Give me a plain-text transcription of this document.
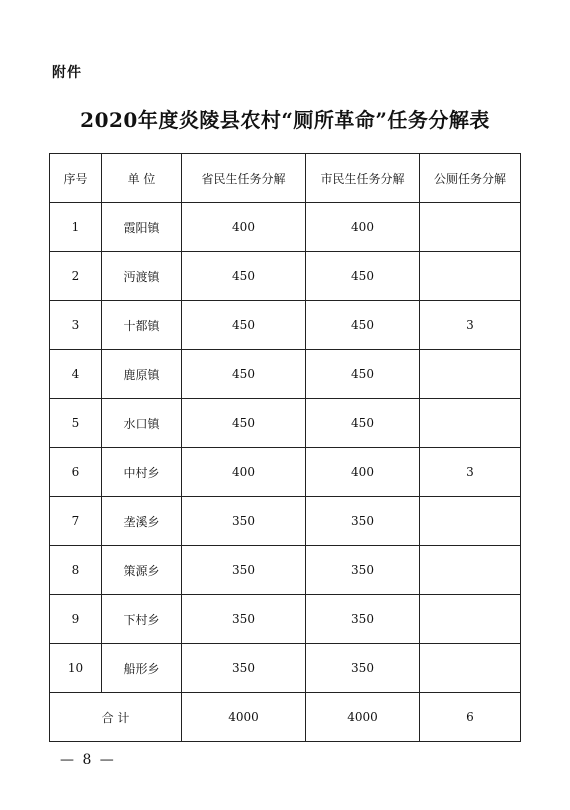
附件
2020年度炎陵县农村“厕所革命”任务分解表
序号	单 位	省民生任务分解	市民生任务分解	公厕任务分解
1	霞阳镇	400	400	
2	沔渡镇	450	450	
3	十都镇	450	450	3
4	鹿原镇	450	450	
5	水口镇	450	450	
6	中村乡	400	400	3
7	垄溪乡	350	350	
8	策源乡	350	350	
9	下村乡	350	350	
10	船形乡	350	350	
合 计		4000	4000	6
— 8 —
